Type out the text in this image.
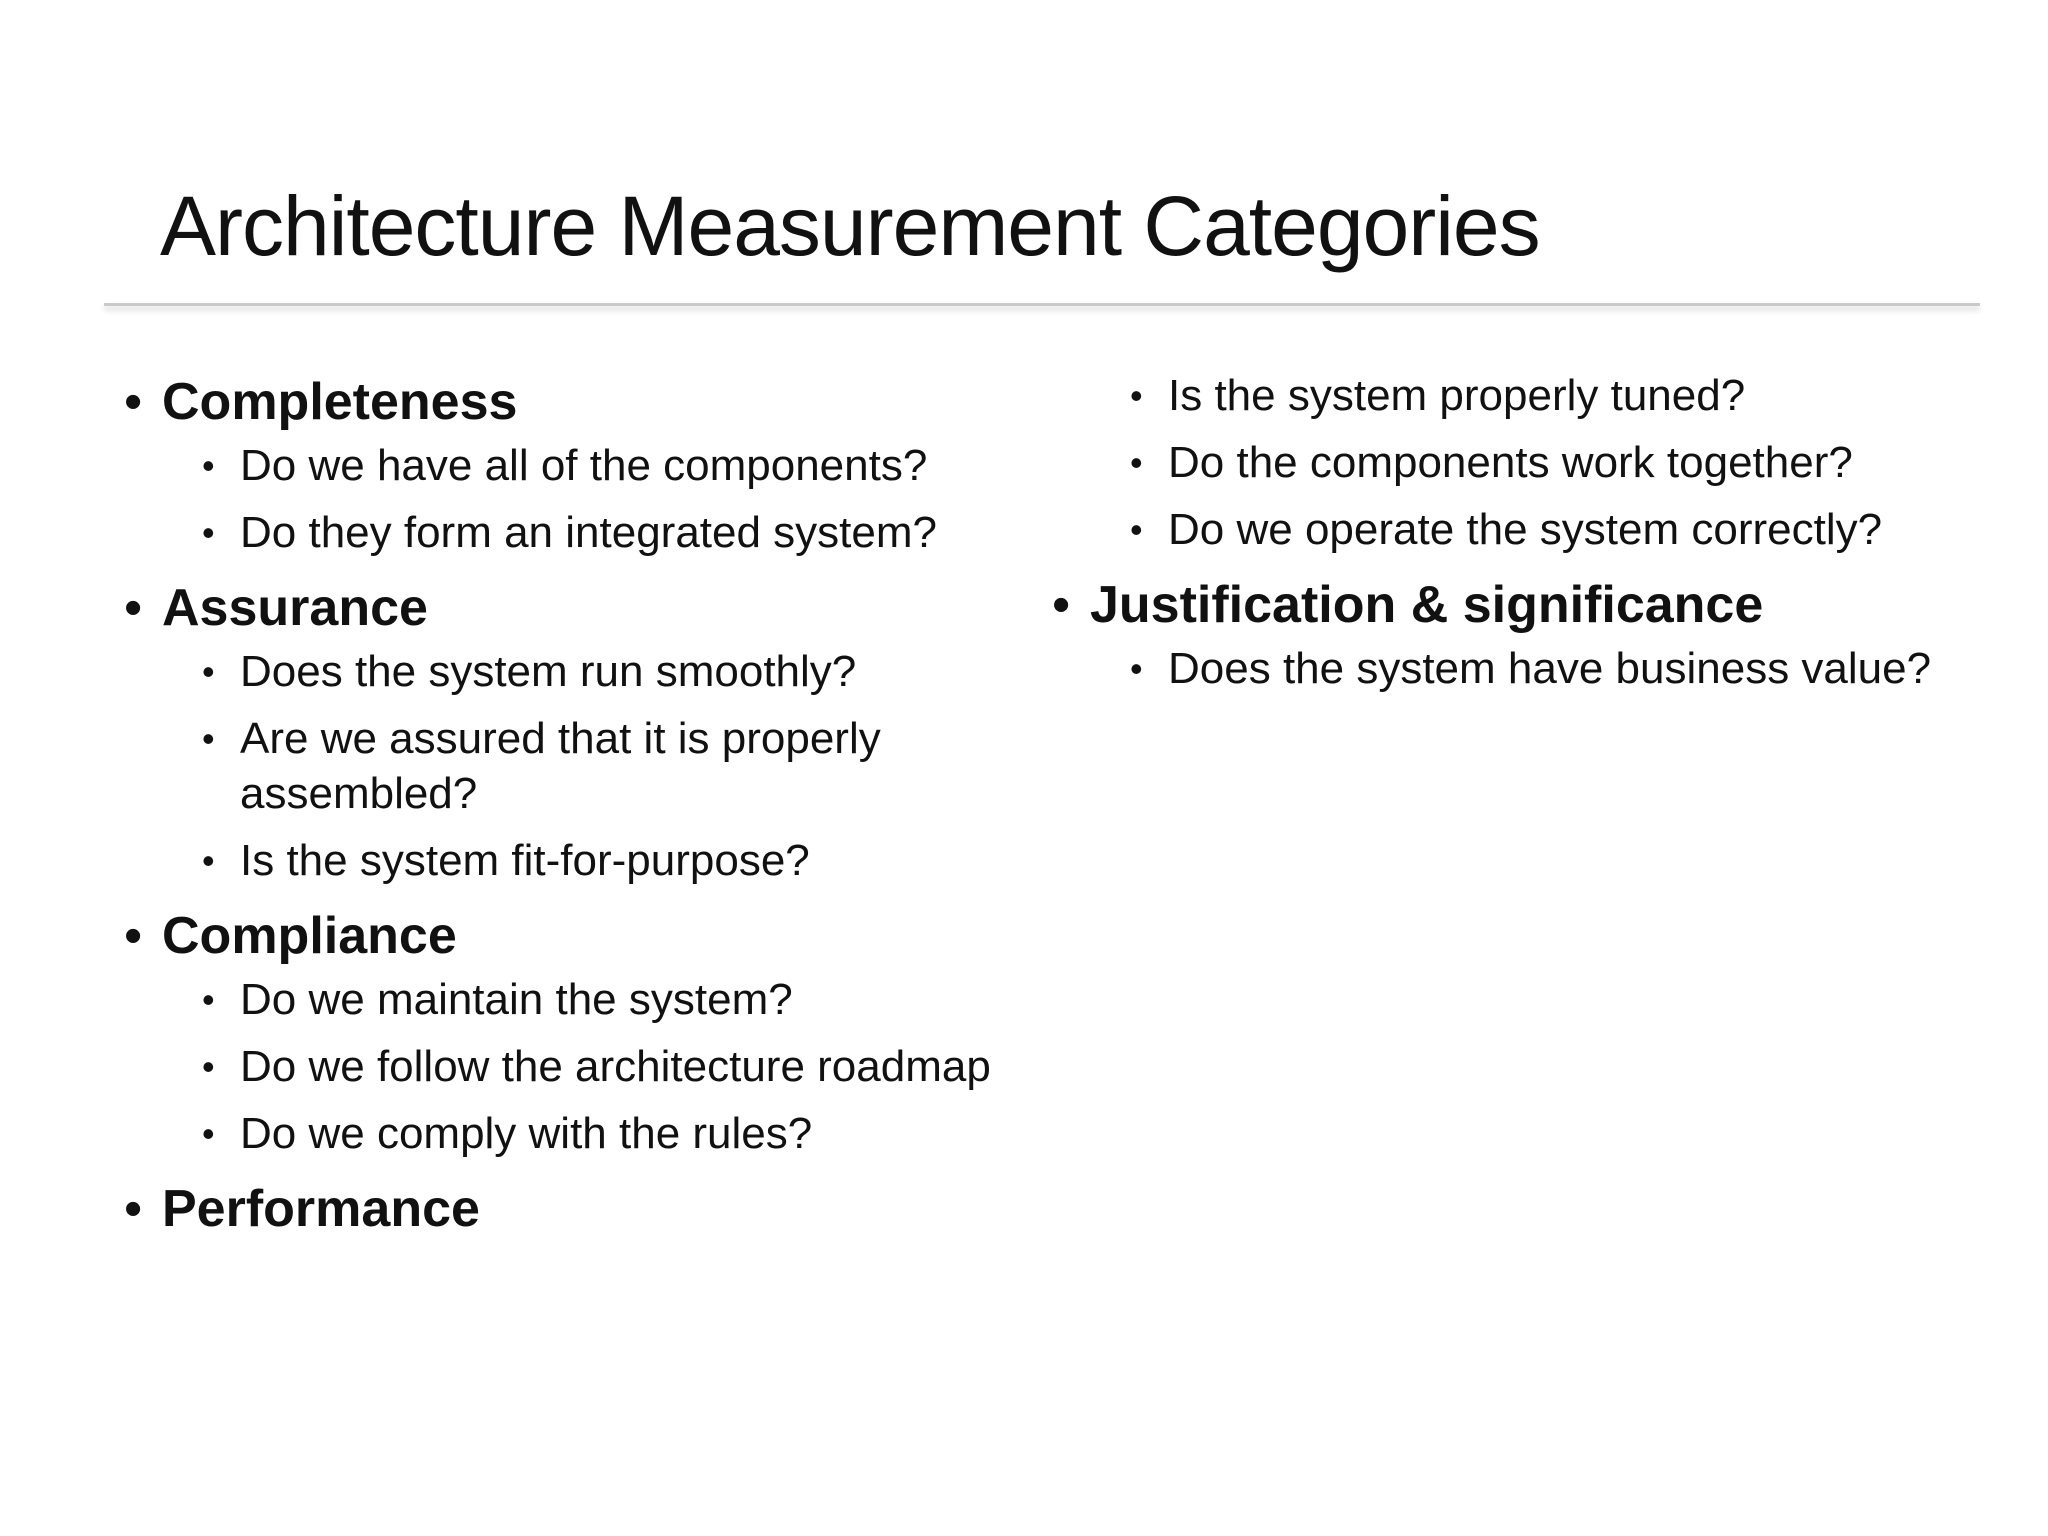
Architecture Measurement Categories
• Completeness
• Do we have all of the components?
• Do they form an integrated system?
• Assurance
• Does the system run smoothly?
• Are we assured that it is properly assembled?
• Is the system fit-for-purpose?
• Compliance
• Do we maintain the system?
• Do we follow the architecture roadmap
• Do we comply with the rules?
• Performance
• Is the system properly tuned?
• Do the components work together?
• Do we operate the system correctly?
• Justification & significance
• Does the system have business value?
